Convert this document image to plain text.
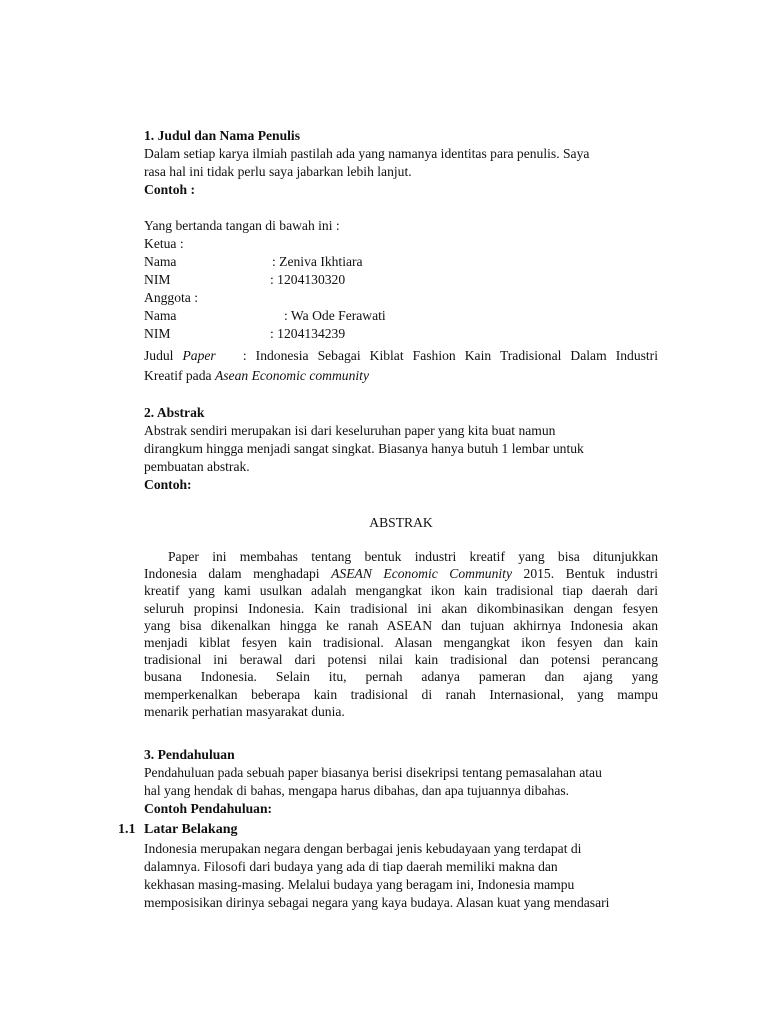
1. Judul dan Nama Penulis
Dalam setiap karya ilmiah pastilah ada yang namanya identitas para penulis. Saya
rasa hal ini tidak perlu saya jabarkan lebih lanjut.
Contoh :
Yang bertanda tangan di bawah ini :
Ketua :
Nama	: Zeniva Ikhtiara
NIM	: 1204130320
Anggota :
Nama	: Wa Ode Ferawati
NIM	: 1204134239
Judul Paper : Indonesia Sebagai Kiblat Fashion Kain Tradisional Dalam Industri
Kreatif pada Asean Economic community
2. Abstrak
Abstrak sendiri merupakan isi dari keseluruhan paper yang kita buat namun
dirangkum hingga menjadi sangat singkat. Biasanya hanya butuh 1 lembar untuk
pembuatan abstrak.
Contoh:
ABSTRAK
Paper ini membahas tentang bentuk industri kreatif yang bisa ditunjukkan
Indonesia dalam menghadapi ASEAN Economic Community 2015. Bentuk industri
kreatif yang kami usulkan adalah mengangkat ikon kain tradisional tiap daerah dari
seluruh propinsi Indonesia. Kain tradisional ini akan dikombinasikan dengan fesyen
yang bisa dikenalkan hingga ke ranah ASEAN dan tujuan akhirnya Indonesia akan
menjadi kiblat fesyen kain tradisional. Alasan mengangkat ikon fesyen dan kain
tradisional ini berawal dari potensi nilai kain tradisional dan potensi perancang
busana Indonesia. Selain itu, pernah adanya pameran dan ajang yang
memperkenalkan beberapa kain tradisional di ranah Internasional, yang mampu
menarik perhatian masyarakat dunia.
3. Pendahuluan
Pendahuluan pada sebuah paper biasanya berisi disekripsi tentang pemasalahan atau
hal yang hendak di bahas, mengapa harus dibahas, dan apa tujuannya dibahas.
Contoh Pendahuluan:
1.1 Latar Belakang
Indonesia merupakan negara dengan berbagai jenis kebudayaan yang terdapat di
dalamnya. Filosofi dari budaya yang ada di tiap daerah memiliki makna dan
kekhasan masing-masing. Melalui budaya yang beragam ini, Indonesia mampu
memposisikan dirinya sebagai negara yang kaya budaya. Alasan kuat yang mendasari
